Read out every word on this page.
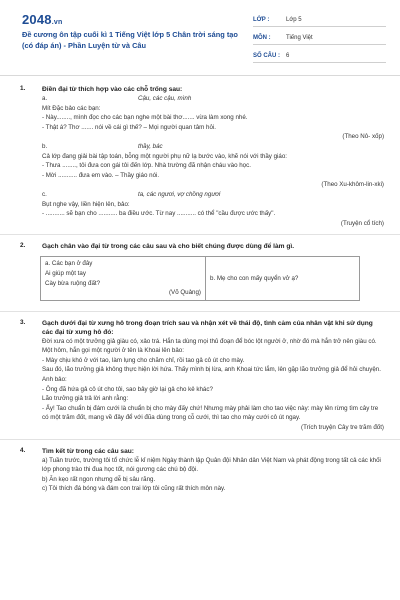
2048.vn
Đề cương ôn tập cuối kì 1 Tiếng Việt lớp 5 Chân trời sáng tạo (có đáp án) - Phần Luyện từ và Câu
LỚP :	Lớp 5
MÔN :	Tiếng Việt
SỐ CÂU :	6
1.	Điền đại từ thích hợp vào các chỗ trống sau:
a.	Cậu, các cậu, mình
Mít Đặc bảo các bạn:
- Này........, mình đọc cho các bạn nghe một bài thơ....... vừa làm xong nhé.
- Thật á? Thơ ....... nói về cái gì thế? – Mọi người quan tâm hỏi.
(Theo Nô- xốp)
b.	thầy, bác
Cả lớp đang giải bài tập toán, bỗng một người phụ nữ lạ bước vào, khẽ nói với thầy giáo:
- Thưa ........, tôi đưa con gái tôi đến lớp. Nhà trường đã nhận cháu vào học.
- Mời ........... đưa em vào. – Thầy giáo nói.
(Theo Xu-khôm-lin-xki)
c.	ta, các ngươi, vợ chồng ngươi
Bụt nghe vậy, liền hiện lên, bảo:
- ........... sẽ bạn cho ........... ba điều ước. Từ nay ........... có thể "cầu được ước thấy".
(Truyện cổ tích)
2.	Gạch chân vào đại từ trong các câu sau và cho biết chúng được dùng để làm gì.
a. Các bạn ở đây
Ai giúp một tay
Cày bừa ruộng đất?
(Võ Quảng)
	b. Mẹ cho con mấy quyển vở ạ?
3.	Gạch dưới đại từ xưng hô trong đoạn trích sau và nhận xét về thái độ, tình cảm của nhân vật khi sử dụng các đại từ xưng hô đó:
Đời xưa có một trưởng giả giàu có, xảo trá. Hắn ta dùng mọi thủ đoạn để bóc lột người ở, nhờ đó mà hắn trở nên giàu có. Một hôm, hắn gọi một người ở tên là Khoai lên bảo:
- Mày chịu khó ở với tao, làm lụng cho chăm chỉ, rồi tao gả cô út cho mày.
Sau đó, lão trưởng giả không thực hiện lời hứa. Thấy mình bị lừa, anh Khoai tức lắm, lên gặp lão trưởng giả để hỏi chuyện. Anh bảo:
- Ông đã hứa gả cô út cho tôi, sao bây giờ lại gả cho kẻ khác?
Lão trưởng giả trả lời anh rằng:
- Ấy! Tao chuẩn bị đám cưới là chuẩn bị cho mày đấy chứ! Nhưng mày phải làm cho tao việc này: mày lên rừng tìm cây tre có một trăm đốt, mang về đây để với đũa dùng trong cỗ cưới, thì tao cho mày cưới cô út ngay.
(Trích truyện Cây tre trăm đốt)
4.	Tìm kết từ trong các câu sau:
a) Tuần trước, trường tôi tổ chức lễ kỉ niệm Ngày thành lập Quân đội Nhân dân Việt Nam và phát động trong tất cả các khối lớp phong trào thi đua học tốt, nói gương các chú bộ đội.
b) Ăn kẹo rất ngon nhưng dễ bị sâu răng.
c) Tôi thích đá bóng và đám con trai lớp tôi cũng rất thích môn này.
